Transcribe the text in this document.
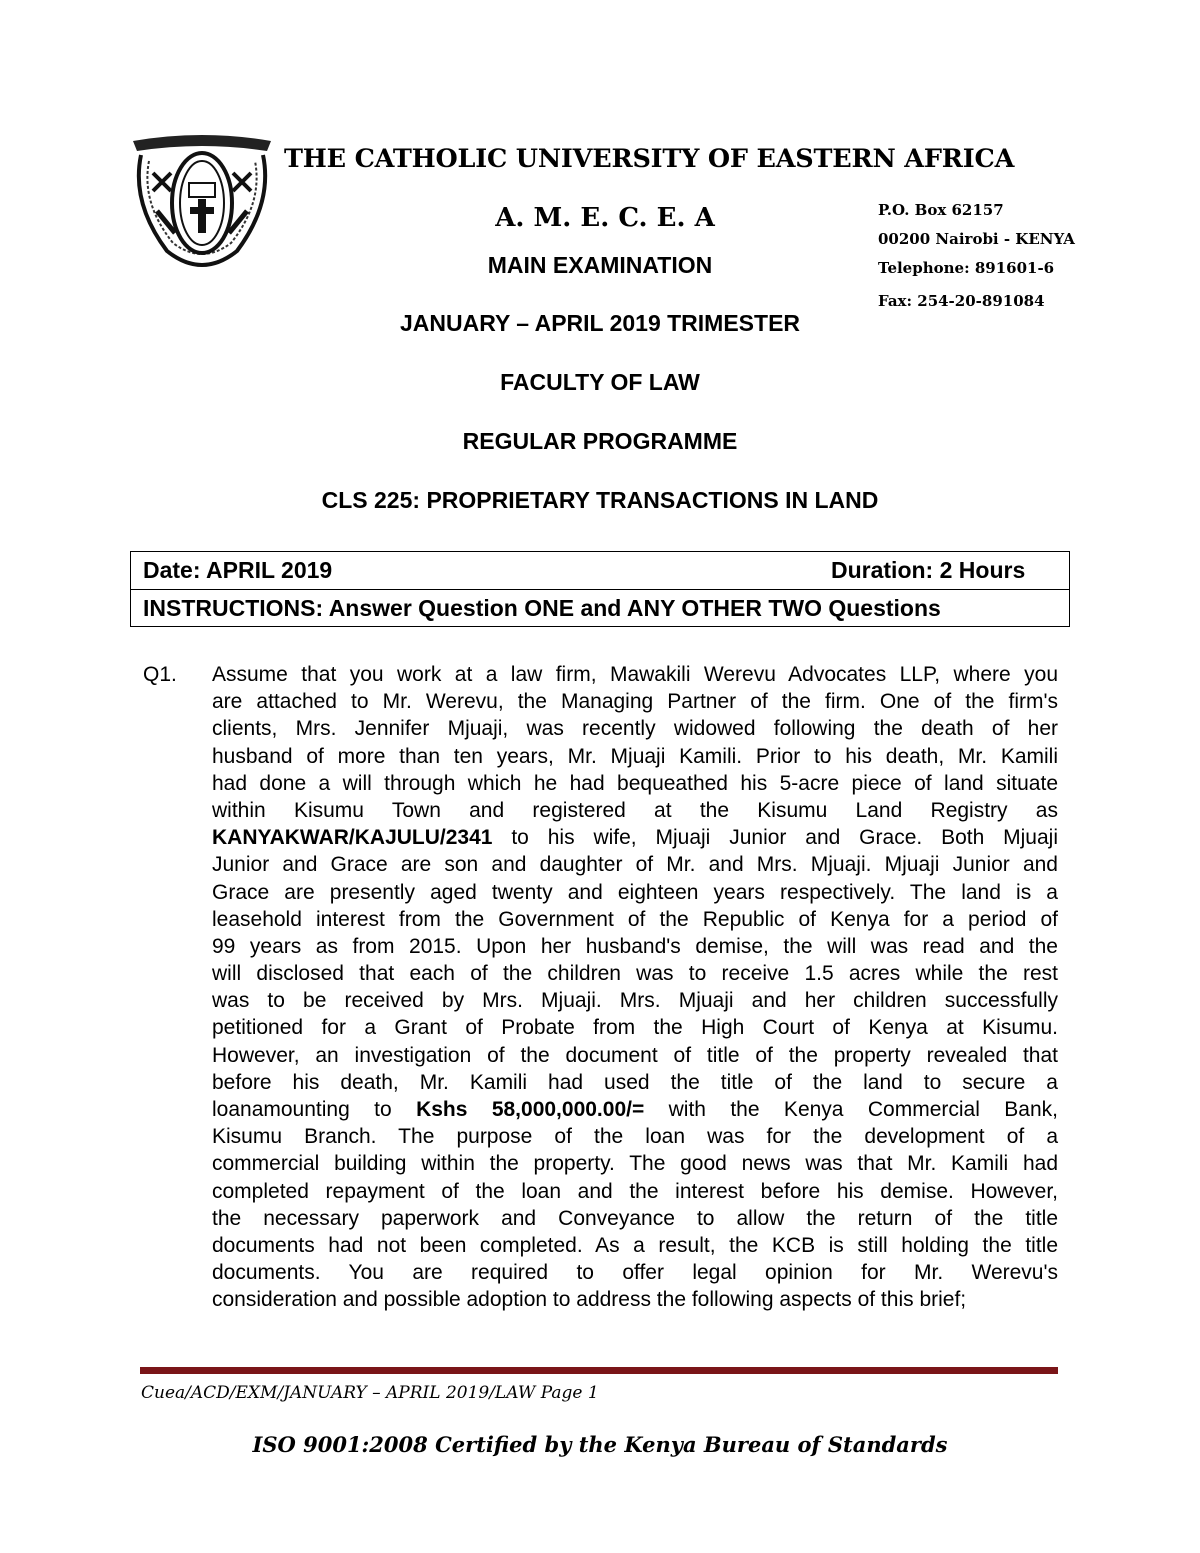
THE CATHOLIC UNIVERSITY OF EASTERN AFRICA
A. M. E. C. E. A
MAIN EXAMINATION
JANUARY – APRIL 2019 TRIMESTER
FACULTY OF LAW
REGULAR PROGRAMME
CLS 225: PROPRIETARY TRANSACTIONS IN LAND
P.O. Box 62157
00200 Nairobi - KENYA
Telephone: 891601-6
Fax: 254-20-891084
Date: APRIL 2019	Duration: 2 Hours
INSTRUCTIONS: Answer Question ONE and ANY OTHER TWO Questions
Q1. Assume that you work at a law firm, Mawakili Werevu Advocates LLP, where you
are attached to Mr. Werevu, the Managing Partner of the firm. One of the firm's
clients, Mrs. Jennifer Mjuaji, was recently widowed following the death of her
husband of more than ten years, Mr. Mjuaji Kamili. Prior to his death, Mr. Kamili
had done a will through which he had bequeathed his 5-acre piece of land situate
within Kisumu Town and registered at the Kisumu Land Registry as
KANYAKWAR/KAJULU/2341 to his wife, Mjuaji Junior and Grace. Both Mjuaji
Junior and Grace are son and daughter of Mr. and Mrs. Mjuaji. Mjuaji Junior and
Grace are presently aged twenty and eighteen years respectively. The land is a
leasehold interest from the Government of the Republic of Kenya for a period of
99 years as from 2015. Upon her husband's demise, the will was read and the
will disclosed that each of the children was to receive 1.5 acres while the rest
was to be received by Mrs. Mjuaji. Mrs. Mjuaji and her children successfully
petitioned for a Grant of Probate from the High Court of Kenya at Kisumu.
However, an investigation of the document of title of the property revealed that
before his death, Mr. Kamili had used the title of the land to secure a
loanamounting to Kshs 58,000,000.00/= with the Kenya Commercial Bank,
Kisumu Branch. The purpose of the loan was for the development of a
commercial building within the property. The good news was that Mr. Kamili had
completed repayment of the loan and the interest before his demise. However,
the necessary paperwork and Conveyance to allow the return of the title
documents had not been completed. As a result, the KCB is still holding the title
documents. You are required to offer legal opinion for Mr. Werevu's
consideration and possible adoption to address the following aspects of this brief;
Cuea/ACD/EXM/JANUARY – APRIL 2019/LAW Page 1
ISO 9001:2008 Certified by the Kenya Bureau of Standards
